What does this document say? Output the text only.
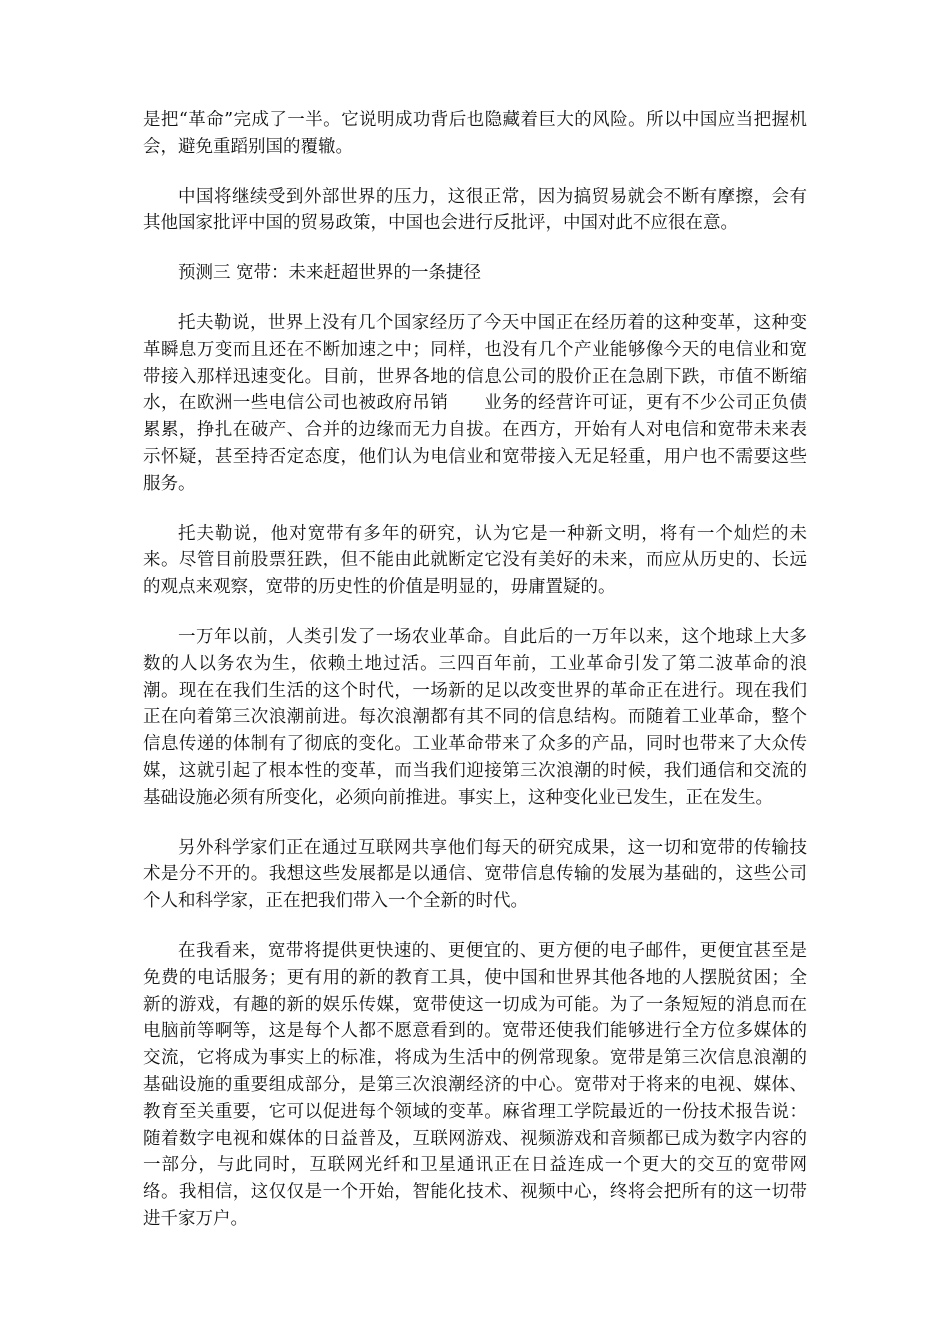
是把“革命”完成了一半。它说明成功背后也隐藏着巨大的风险。所以中国应当把握机会，避免重蹈别国的覆辙。

中国将继续受到外部世界的压力，这很正常，因为搞贸易就会不断有摩擦，会有其他国家批评中国的贸易政策，中国也会进行反批评，中国对此不应很在意。

预测三 宽带：未来赶超世界的一条捷径

托夫勒说，世界上没有几个国家经历了今天中国正在经历着的这种变革，这种变革瞬息万变而且还在不断加速之中；同样，也没有几个产业能够像今天的电信业和宽带接入那样迅速变化。目前，世界各地的信息公司的股价正在急剧下跌，市值不断缩水，在欧洲一些电信公司也被政府吊销　　业务的经营许可证，更有不少公司正负债累累，挣扎在破产、合并的边缘而无力自拔。在西方，开始有人对电信和宽带未来表示怀疑，甚至持否定态度，他们认为电信业和宽带接入无足轻重，用户也不需要这些服务。

托夫勒说，他对宽带有多年的研究，认为它是一种新文明，将有一个灿烂的未来。尽管目前股票狂跌，但不能由此就断定它没有美好的未来，而应从历史的、长远的观点来观察，宽带的历史性的价值是明显的，毋庸置疑的。

一万年以前，人类引发了一场农业革命。自此后的一万年以来，这个地球上大多数的人以务农为生，依赖土地过活。三四百年前，工业革命引发了第二波革命的浪潮。现在在我们生活的这个时代，一场新的足以改变世界的革命正在进行。现在我们正在向着第三次浪潮前进。每次浪潮都有其不同的信息结构。而随着工业革命，整个信息传递的体制有了彻底的变化。工业革命带来了众多的产品，同时也带来了大众传媒，这就引起了根本性的变革，而当我们迎接第三次浪潮的时候，我们通信和交流的基础设施必须有所变化，必须向前推进。事实上，这种变化业已发生，正在发生。

另外科学家们正在通过互联网共享他们每天的研究成果，这一切和宽带的传输技术是分不开的。我想这些发展都是以通信、宽带信息传输的发展为基础的，这些公司个人和科学家，正在把我们带入一个全新的时代。

在我看来，宽带将提供更快速的、更便宜的、更方便的电子邮件，更便宜甚至是免费的电话服务；更有用的新的教育工具，使中国和世界其他各地的人摆脱贫困；全新的游戏，有趣的新的娱乐传媒，宽带使这一切成为可能。为了一条短短的消息而在电脑前等啊等，这是每个人都不愿意看到的。宽带还使我们能够进行全方位多媒体的交流，它将成为事实上的标准，将成为生活中的例常现象。宽带是第三次信息浪潮的基础设施的重要组成部分，是第三次浪潮经济的中心。宽带对于将来的电视、媒体、教育至关重要，它可以促进每个领域的变革。麻省理工学院最近的一份技术报告说：随着数字电视和媒体的日益普及，互联网游戏、视频游戏和音频都已成为数字内容的一部分，与此同时，互联网光纤和卫星通讯正在日益连成一个更大的交互的宽带网络。我相信，这仅仅是一个开始，智能化技术、视频中心，终将会把所有的这一切带进千家万户。
